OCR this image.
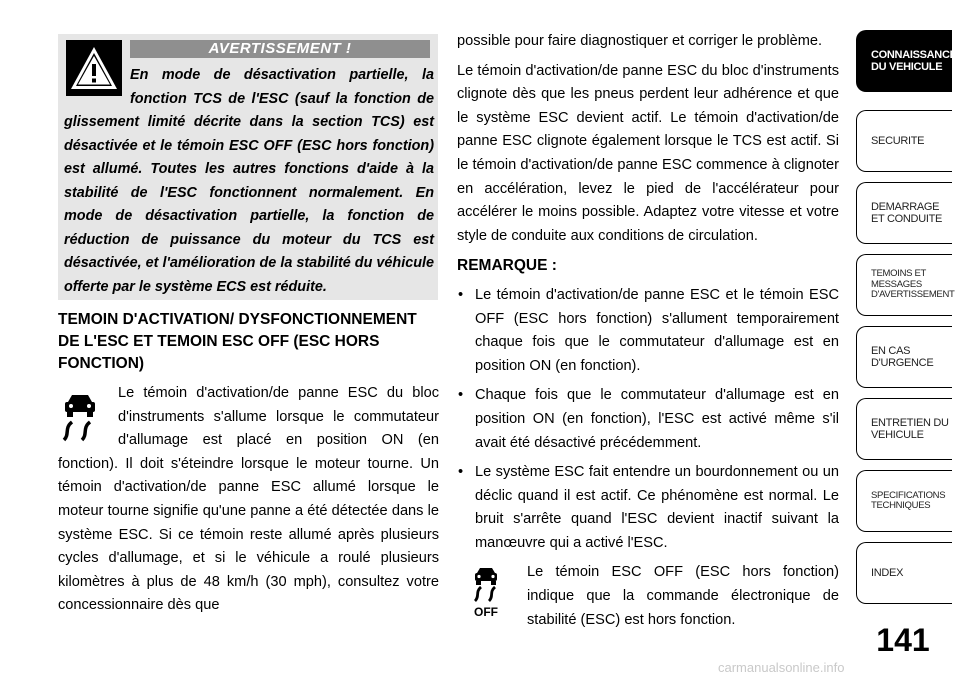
AVERTISSEMENT !

En mode de désactivation partielle, la fonction TCS de l'ESC (sauf la fonction de glissement limité décrite dans la section TCS) est désactivée et le témoin ESC OFF (ESC hors fonction) est allumé. Toutes les autres fonctions d'aide à la stabilité de l'ESC fonctionnent normalement. En mode de désactivation partielle, la fonction de réduction de puissance du moteur du TCS est désactivée, et l'amélioration de la stabilité du véhicule offerte par le système ECS est réduite.

TEMOIN D'ACTIVATION/ DYSFONCTIONNEMENT DE L'ESC ET TEMOIN ESC OFF (ESC HORS FONCTION)

Le témoin d'activation/de panne ESC du bloc d'instruments s'allume lorsque le commutateur d'allumage est placé en position ON (en fonction). Il doit s'éteindre lorsque le moteur tourne. Un témoin d'activation/de panne ESC allumé lorsque le moteur tourne signifie qu'une panne a été détectée dans le système ESC. Si ce témoin reste allumé après plusieurs cycles d'allumage, et si le véhicule a roulé plusieurs kilomètres à plus de 48 km/h (30 mph), consultez votre concessionnaire dès que

possible pour faire diagnostiquer et corriger le problème.

Le témoin d'activation/de panne ESC du bloc d'instruments clignote dès que les pneus perdent leur adhérence et que le système ESC devient actif. Le témoin d'activation/de panne ESC clignote également lorsque le TCS est actif. Si le témoin d'activation/de panne ESC commence à clignoter en accélération, levez le pied de l'accélérateur pour accélérer le moins possible. Adaptez votre vitesse et votre style de conduite aux conditions de circulation.

REMARQUE :

• Le témoin d'activation/de panne ESC et le témoin ESC OFF (ESC hors fonction) s'allument temporairement chaque fois que le commutateur d'allumage est en position ON (en fonction).
• Chaque fois que le commutateur d'allumage est en position ON (en fonction), l'ESC est activé même s'il avait été désactivé précédemment.
• Le système ESC fait entendre un bourdonnement ou un déclic quand il est actif. Ce phénomène est normal. Le bruit s'arrête quand l'ESC devient inactif suivant la manœuvre qui a activé l'ESC.
OFF
Le témoin ESC OFF (ESC hors fonction) indique que la commande électronique de stabilité (ESC) est hors fonction.
CONNAISSANCE DU VEHICULE
SECURITE
DEMARRAGE ET CONDUITE
TEMOINS ET MESSAGES D'AVERTISSEMENT
EN CAS D'URGENCE
ENTRETIEN DU VEHICULE
SPECIFICATIONS TECHNIQUES
INDEX
141
carmanualsonline.info
